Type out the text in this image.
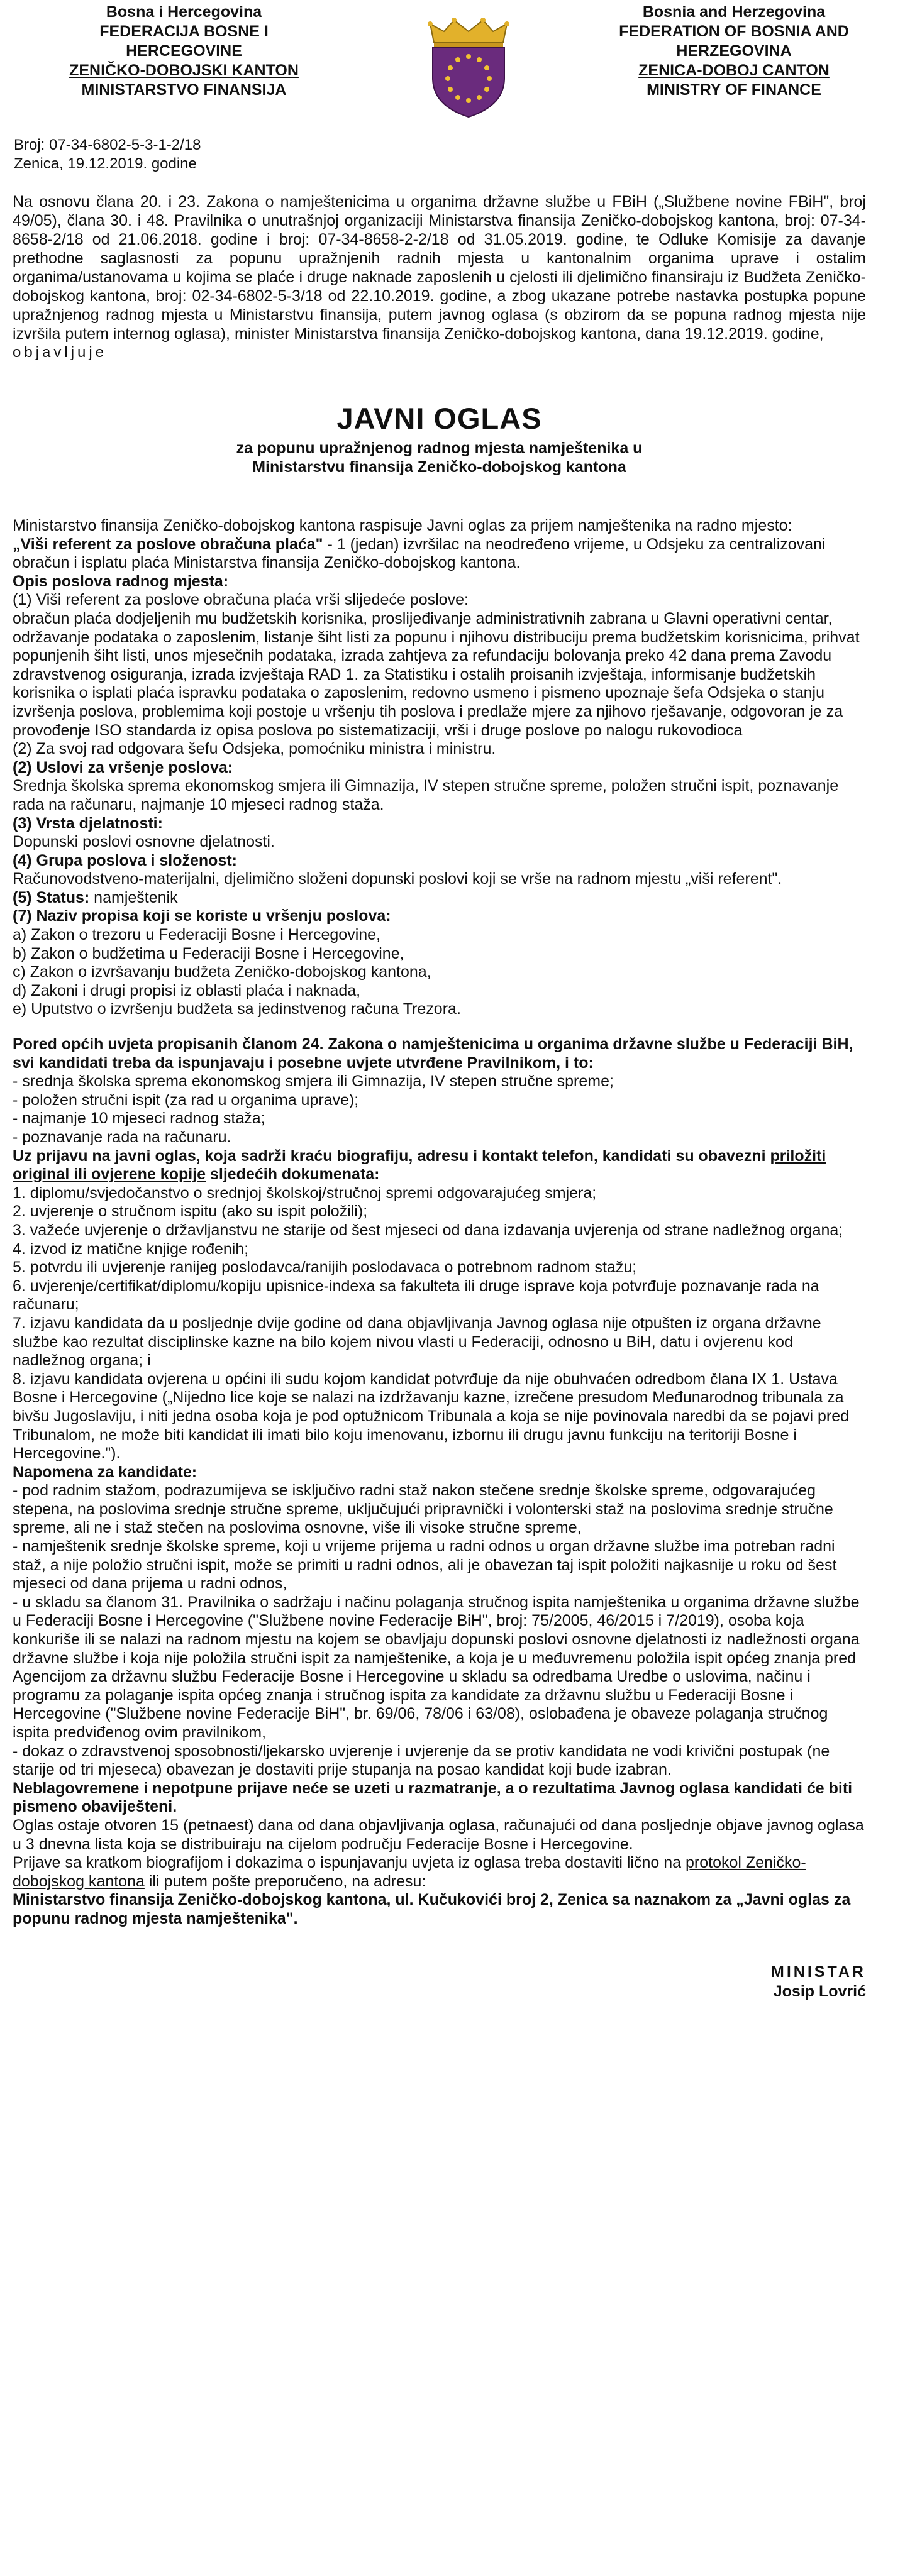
Bosna i Hercegovina
FEDERACIJA BOSNE I
HERCEGOVINE
ZENIČKO-DOBOJSKI KANTON
MINISTARSTVO FINANSIJA
Bosnia and Herzegovina
FEDERATION OF BOSNIA AND
HERZEGOVINA
ZENICA-DOBOJ CANTON
MINISTRY OF FINANCE
Broj: 07-34-6802-5-3-1-2/18
Zenica, 19.12.2019. godine
Na osnovu člana 20. i 23. Zakona o namještenicima u organima državne službe u FBiH („Službene novine FBiH", broj 49/05), člana 30. i 48. Pravilnika o unutrašnjoj organizaciji Ministarstva finansija Zeničko-dobojskog kantona, broj: 07-34-8658-2/18 od 21.06.2018. godine i broj: 07-34-8658-2-2/18 od 31.05.2019. godine, te Odluke Komisije za davanje prethodne saglasnosti za popunu upražnjenih radnih mjesta u kantonalnim organima uprave i ostalim organima/ustanovama u kojima se plaće i druge naknade zaposlenih u cjelosti ili djelimično finansiraju iz Budžeta Zeničko-dobojskog kantona, broj: 02-34-6802-5-3/18 od 22.10.2019. godine, a zbog ukazane potrebe nastavka postupka popune upražnjenog radnog mjesta u Ministarstvu finansija, putem javnog oglasa (s obzirom da se popuna radnog mjesta nije izvršila putem internog oglasa), minister Ministarstva finansija Zeničko-dobojskog kantona, dana 19.12.2019. godine,
objavljuje
JAVNI OGLAS
za popunu upražnjenog radnog mjesta namještenika u Ministarstvu finansija Zeničko-dobojskog kantona

Ministarstvo finansija Zeničko-dobojskog kantona raspisuje Javni oglas za prijem namještenika na radno mjesto:

„Viši referent za poslove obračuna plaća" - 1 (jedan) izvršilac na neodređeno vrijeme, u Odsjeku za centralizovani obračun i isplatu plaća Ministarstva finansija Zeničko-dobojskog kantona.

Opis poslova radnog mjesta:

(1) Viši referent za poslove obračuna plaća vrši slijedeće poslove:

obračun plaća dodjeljenih mu budžetskih korisnika, proslijeđivanje administrativnih zabrana u Glavni operativni centar, održavanje podataka o zaposlenim, listanje šiht listi za popunu i njihovu distribuciju prema budžetskim korisnicima, prihvat popunjenih šiht listi, unos mjesečnih podataka, izrada zahtjeva za refundaciju bolovanja preko 42 dana prema Zavodu zdravstvenog osiguranja, izrada izvještaja RAD 1. za Statistiku i ostalih proisanih izvještaja, informisanje budžetskih korisnika o isplati plaća ispravku podataka o zaposlenim, redovno usmeno i pismeno upoznaje šefa Odsjeka o stanju izvršenja poslova, problemima koji postoje u vršenju tih poslova i predlaže mjere za njihovo rješavanje, odgovoran je za provođenje ISO standarda iz opisa poslova po sistematizaciji, vrši i druge poslove po nalogu rukovodioca

(2) Za svoj rad odgovara šefu Odsjeka, pomoćniku ministra i ministru.

(2) Uslovi za vršenje poslova:

Srednja školska sprema ekonomskog smjera ili Gimnazija, IV stepen stručne spreme, položen stručni ispit, poznavanje rada na računaru, najmanje 10 mjeseci radnog staža.

(3) Vrsta djelatnosti:

Dopunski poslovi osnovne djelatnosti.

(4) Grupa poslova i složenost:

Računovodstveno-materijalni, djelimično složeni dopunski poslovi koji se vrše na radnom mjestu „viši referent".

(5) Status: namještenik

(7) Naziv propisa koji se koriste u vršenju poslova:

a) Zakon o trezoru u Federaciji Bosne i Hercegovine,

b) Zakon o budžetima u Federaciji Bosne i Hercegovine,

c) Zakon o izvršavanju budžeta Zeničko-dobojskog kantona,

d) Zakoni i drugi propisi iz oblasti plaća i naknada,

e) Uputstvo o izvršenju budžeta sa jedinstvenog računa Trezora.

Pored općih uvjeta propisanih članom 24. Zakona o namještenicima u organima državne službe u Federaciji BiH, svi kandidati treba da ispunjavaju i posebne uvjete utvrđene Pravilnikom, i to:

- srednja školska sprema ekonomskog smjera ili Gimnazija, IV stepen stručne spreme;

- položen stručni ispit (za rad u organima uprave);

- najmanje 10 mjeseci radnog staža;

- poznavanje rada na računaru.

Uz prijavu na javni oglas, koja sadrži kraću biografiju, adresu i kontakt telefon, kandidati su obavezni priložiti original ili ovjerene kopije sljedećih dokumenata:

1. diplomu/svjedočanstvo o srednjoj školskoj/stručnoj spremi odgovarajućeg smjera;

2. uvjerenje o stručnom ispitu (ako su ispit položili);

3. važeće uvjerenje o državljanstvu ne starije od šest mjeseci od dana izdavanja uvjerenja od strane nadležnog organa;

4. izvod iz matične knjige rođenih;

5. potvrdu ili uvjerenje ranijeg poslodavca/ranijih poslodavaca o potrebnom radnom stažu;

6. uvjerenje/certifikat/diplomu/kopiju upisnice-indexa sa fakulteta ili druge isprave koja potvrđuje poznavanje rada na računaru;

7. izjavu kandidata da u posljednje dvije godine od dana objavljivanja Javnog oglasa nije otpušten iz organa državne službe kao rezultat disciplinske kazne na bilo kojem nivou vlasti u Federaciji, odnosno u BiH, datu i ovjerenu kod nadležnog organa; i

8. izjavu kandidata ovjerena u općini ili sudu kojom kandidat potvrđuje da nije obuhvaćen odredbom člana IX 1. Ustava Bosne i Hercegovine („Nijedno lice koje se nalazi na izdržavanju kazne, izrečene presudom Međunarodnog tribunala za bivšu Jugoslaviju, i niti jedna osoba koja je pod optužnicom Tribunala a koja se nije povinovala naredbi da se pojavi pred Tribunalom, ne može biti kandidat ili imati bilo koju imenovanu, izbornu ili drugu javnu funkciju na teritoriji Bosne i Hercegovine.").

Napomena za kandidate:

- pod radnim stažom, podrazumijeva se isključivo radni staž nakon stečene srednje školske spreme, odgovarajućeg stepena, na poslovima srednje stručne spreme, uključujući pripravnički i volonterski staž na poslovima srednje stručne spreme, ali ne i staž stečen na poslovima osnovne, više ili visoke stručne spreme,

- namještenik srednje školske spreme, koji u vrijeme prijema u radni odnos u organ državne službe ima potreban radni staž, a nije položio stručni ispit, može se primiti u radni odnos, ali je obavezan taj ispit položiti najkasnije u roku od šest mjeseci od dana prijema u radni odnos,

- u skladu sa članom 31. Pravilnika o sadržaju i načinu polaganja stručnog ispita namještenika u organima državne službe u Federaciji Bosne i Hercegovine ("Službene novine Federacije BiH", broj: 75/2005, 46/2015 i 7/2019), osoba koja konkuriše ili se nalazi na radnom mjestu na kojem se obavljaju dopunski poslovi osnovne djelatnosti iz nadležnosti organa državne službe i koja nije položila stručni ispit za namještenike, a koja je u međuvremenu položila ispit općeg znanja pred Agencijom za državnu službu Federacije Bosne i Hercegovine u skladu sa odredbama Uredbe o uslovima, načinu i programu za polaganje ispita općeg znanja i stručnog ispita za kandidate za državnu službu u Federaciji Bosne i Hercegovine ("Službene novine Federacije BiH", br. 69/06, 78/06 i 63/08), oslobađena je obaveze polaganja stručnog ispita predviđenog ovim pravilnikom,

- dokaz o zdravstvenoj sposobnosti/ljekarsko uvjerenje i uvjerenje da se protiv kandidata ne vodi krivični postupak (ne starije od tri mjeseca) obavezan je dostaviti prije stupanja na posao kandidat koji bude izabran.

Neblagovremene i nepotpune prijave neće se uzeti u razmatranje, a o rezultatima Javnog oglasa kandidati će biti pismeno obaviješteni.

Oglas ostaje otvoren 15 (petnaest) dana od dana objavljivanja oglasa, računajući od dana posljednje objave javnog oglasa u 3 dnevna lista koja se distribuiraju na cijelom području Federacije Bosne i Hercegovine.

Prijave sa kratkom biografijom i dokazima o ispunjavanju uvjeta iz oglasa treba dostaviti lično na protokol Zeničko-dobojskog kantona ili putem pošte preporučeno, na adresu:

Ministarstvo finansija Zeničko-dobojskog kantona, ul. Kučukovići broj 2, Zenica sa naznakom za „Javni oglas za popunu radnog mjesta namještenika".

MINISTAR
Josip Lovrić
